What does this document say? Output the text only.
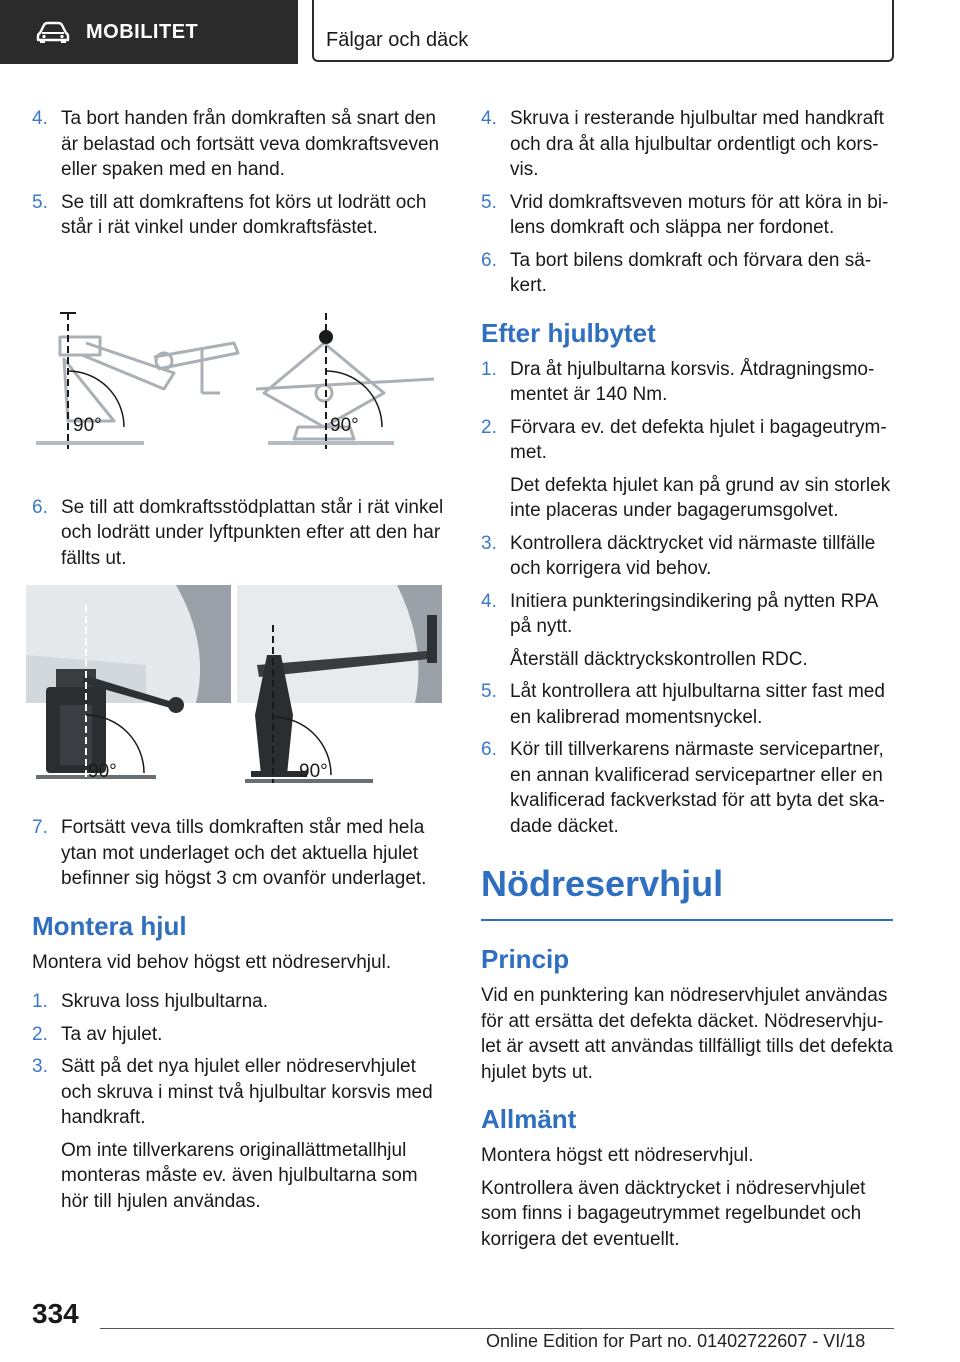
MOBILITET	Fälgar och däck
4. Ta bort handen från domkraften så snart den är belastad och fortsätt veva domkraftsveven eller spaken med en hand.

5. Se till att domkraftens fot körs ut lodrätt och står i rät vinkel under domkraftsfästet.

90°	90°
6. Se till att domkraftsstödplattan står i rät vinkel och lodrätt under lyftpunkten efter att den har fällts ut.

90°	90°
7. Fortsätt veva tills domkraften står med hela ytan mot underlaget och det aktuella hjulet befinner sig högst 3 cm ovanför underlaget.

Montera hjul

Montera vid behov högst ett nödreservhjul.

1. Skruva loss hjulbultarna.

2. Ta av hjulet.

3. Sätt på det nya hjulet eller nödreservhjulet och skruva i minst två hjulbultar korsvis med handkraft.

Om inte tillverkarens originallättmetallhjul monteras måste ev. även hjulbultarna som hör till hjulen användas.

4. Skruva i resterande hjulbultar med handkraft och dra åt alla hjulbultar ordentligt och kors-vis.

5. Vrid domkraftsveven moturs för att köra in bi-lens domkraft och släppa ner fordonet.

6. Ta bort bilens domkraft och förvara den sä-kert.

Efter hjulbytet
1. Dra åt hjulbultarna korsvis. Åtdragningsmo-mentet är 140 Nm.

2. Förvara ev. det defekta hjulet i bagageutrym-met.

Det defekta hjulet kan på grund av sin storlek inte placeras under bagagerumsgolvet.

3. Kontrollera däcktrycket vid närmaste tillfälle och korrigera vid behov.

4. Initiera punkteringsindikering på nytten RPA på nytt.

Återställ däcktryckskontrollen RDC.

5. Låt kontrollera att hjulbultarna sitter fast med en kalibrerad momentsnyckel.

6. Kör till tillverkarens närmaste servicepartner, en annan kvalificerad servicepartner eller en kvalificerad fackverkstad för att byta det ska-dade däcket.

Nödreservhjul
Princip

Vid en punktering kan nödreservhjulet användas för att ersätta det defekta däcket. Nödreservhju-let är avsett att användas tillfälligt tills det defekta hjulet byts ut.

Allmänt

Montera högst ett nödreservhjul.

Kontrollera även däcktrycket i nödreservhjulet som finns i bagageutrymmet regelbundet och korrigera det eventuellt.

334
Online Edition for Part no. 01402722607 - VI/18
